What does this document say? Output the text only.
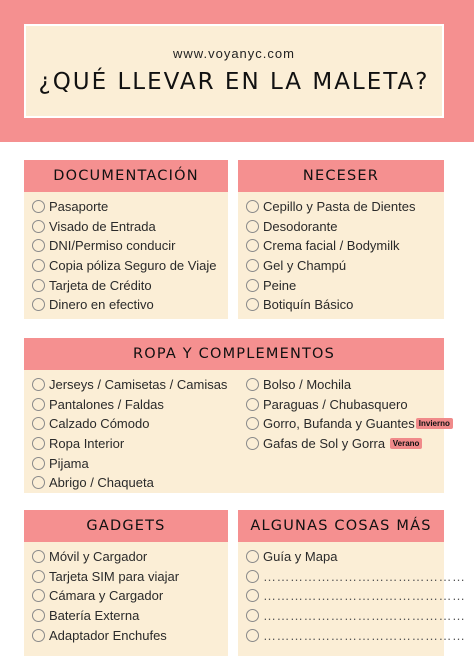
www.voyanyc.com
¿QUÉ LLEVAR EN LA MALETA?
DOCUMENTACIÓN
Pasaporte
Visado de Entrada
DNI/Permiso conducir
Copia póliza Seguro de Viaje
Tarjeta de Crédito
Dinero en efectivo
NECESER
Cepillo y Pasta de Dientes
Desodorante
Crema facial / Bodymilk
Gel y Champú
Peine
Botiquín Básico
ROPA Y COMPLEMENTOS
Jerseys / Camisetas / Camisas
Pantalones / Faldas
Calzado Cómodo
Ropa Interior
Pijama
Abrigo / Chaqueta
Bolso / Mochila
Paraguas / Chubasquero
Gorro, Bufanda y Guantes Invierno
Gafas de Sol y Gorra Verano
GADGETS
Móvil y Cargador
Tarjeta SIM para viajar
Cámara y Cargador
Batería Externa
Adaptador Enchufes
ALGUNAS COSAS MÁS
Guía y Mapa
………………………………………
………………………………………
………………………………………
………………………………………
